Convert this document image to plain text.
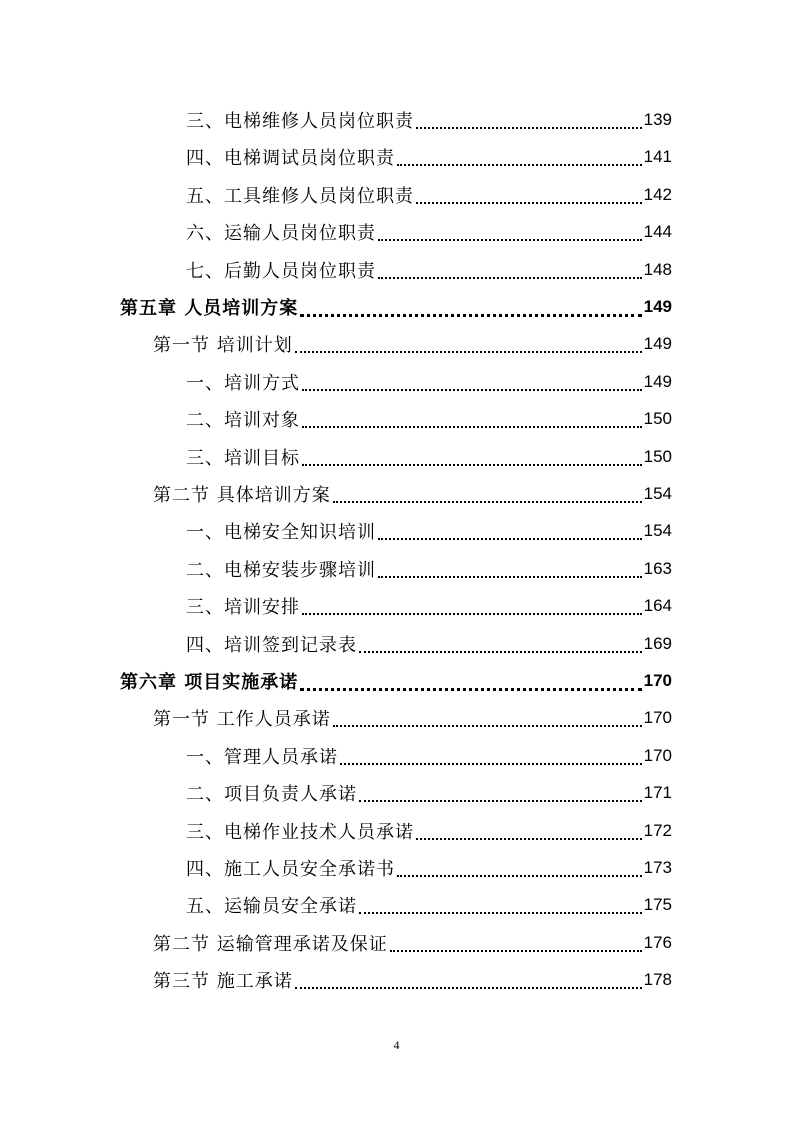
三、电梯维修人员岗位职责	139
四、电梯调试员岗位职责	141
五、工具维修人员岗位职责	142
六、运输人员岗位职责	144
七、后勤人员岗位职责	148
第五章 人员培训方案	149
第一节 培训计划	149
一、培训方式	149
二、培训对象	150
三、培训目标	150
第二节 具体培训方案	154
一、电梯安全知识培训	154
二、电梯安装步骤培训	163
三、培训安排	164
四、培训签到记录表	169
第六章 项目实施承诺	170
第一节 工作人员承诺	170
一、管理人员承诺	170
二、项目负责人承诺	171
三、电梯作业技术人员承诺	172
四、施工人员安全承诺书	173
五、运输员安全承诺	175
第二节 运输管理承诺及保证	176
第三节 施工承诺	178
4
